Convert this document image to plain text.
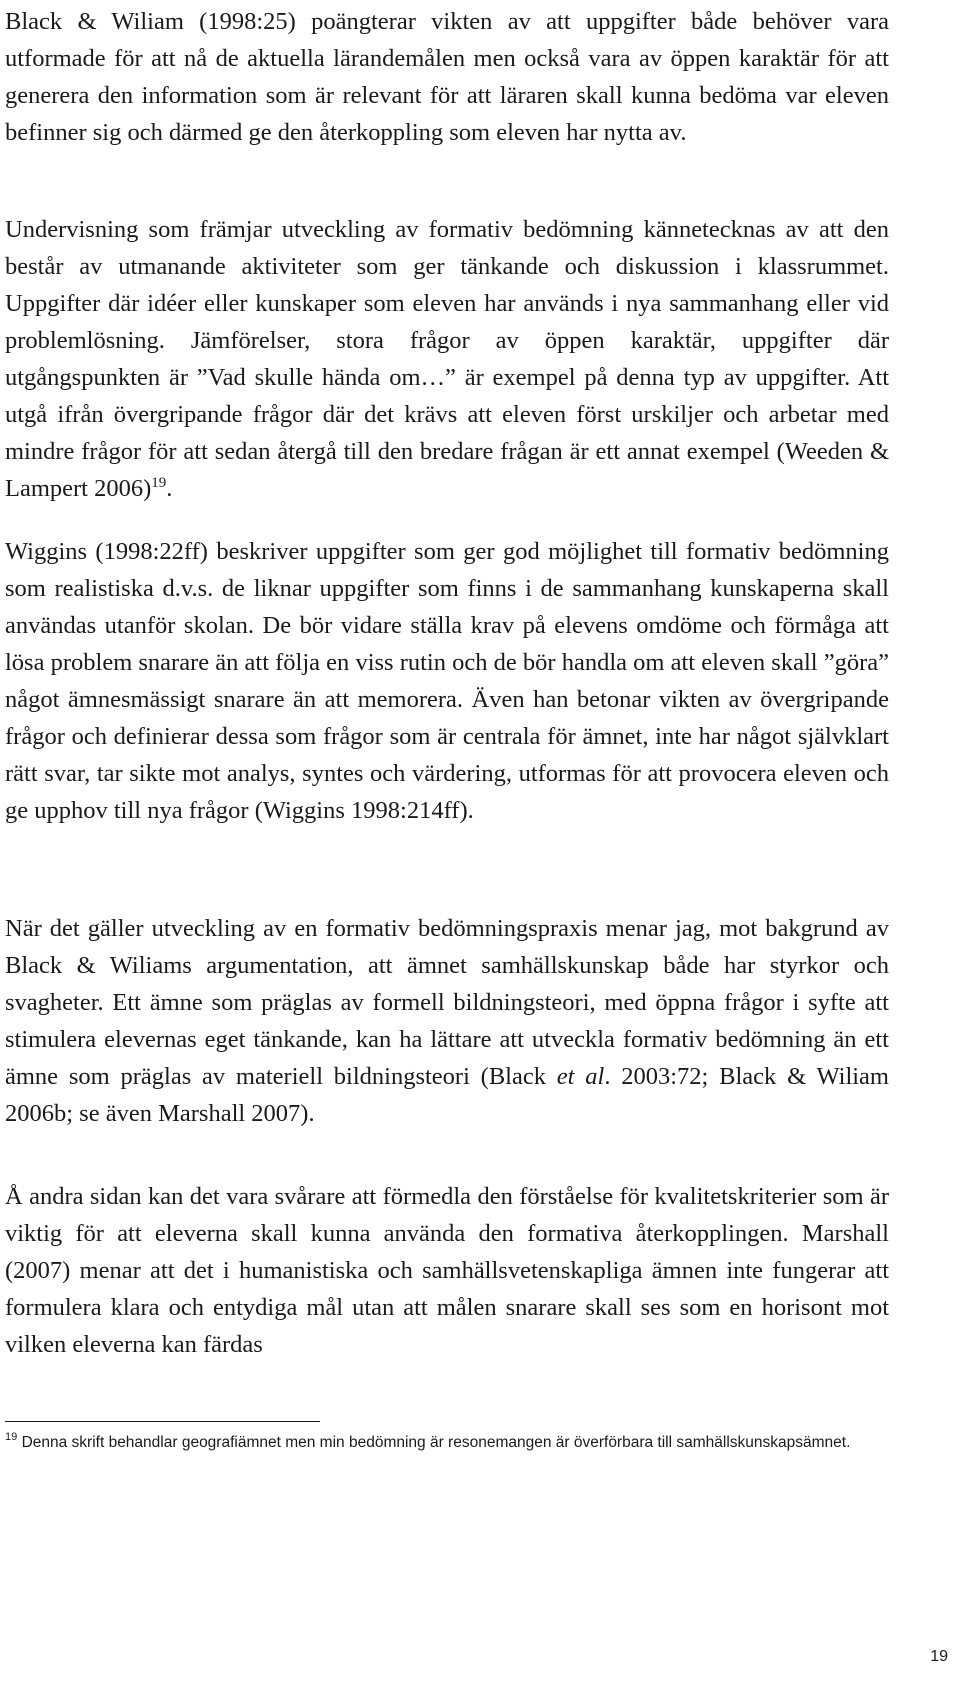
Black & Wiliam (1998:25) poängterar vikten av att uppgifter både behöver vara utformade för att nå de aktuella lärandemålen men också vara av öppen karaktär för att generera den information som är relevant för att läraren skall kunna bedöma var eleven befinner sig och därmed ge den återkoppling som eleven har nytta av.

Undervisning som främjar utveckling av formativ bedömning kännetecknas av att den består av utmanande aktiviteter som ger tänkande och diskussion i klassrummet. Uppgifter där idéer eller kunskaper som eleven har används i nya sammanhang eller vid problemlösning. Jämförelser, stora frågor av öppen karaktär, uppgifter där utgångspunkten är ”Vad skulle hända om…” är exempel på denna typ av uppgifter. Att utgå ifrån övergripande frågor där det krävs att eleven först urskiljer och arbetar med mindre frågor för att sedan återgå till den bredare frågan är ett annat exempel (Weeden & Lampert 2006)$^{19}$.

Wiggins (1998:22ff) beskriver uppgifter som ger god möjlighet till formativ bedömning som realistiska d.v.s. de liknar uppgifter som finns i de sammanhang kunskaperna skall användas utanför skolan. De bör vidare ställa krav på elevens omdöme och förmåga att lösa problem snarare än att följa en viss rutin och de bör handla om att eleven skall ”göra” något ämnesmässigt snarare än att memorera. Även han betonar vikten av övergripande frågor och definierar dessa som frågor som är centrala för ämnet, inte har något självklart rätt svar, tar sikte mot analys, syntes och värdering, utformas för att provocera eleven och ge upphov till nya frågor (Wiggins 1998:214ff).

När det gäller utveckling av en formativ bedömningspraxis menar jag, mot bakgrund av Black & Wiliams argumentation, att ämnet samhällskunskap både har styrkor och svagheter. Ett ämne som präglas av formell bildningsteori, med öppna frågor i syfte att stimulera elevernas eget tänkande, kan ha lättare att utveckla formativ bedömning än ett ämne som präglas av materiell bildningsteori (Black et al. 2003:72; Black & Wiliam 2006b; se även Marshall 2007).

Å andra sidan kan det vara svårare att förmedla den förståelse för kvalitetskriterier som är viktig för att eleverna skall kunna använda den formativa återkopplingen. Marshall (2007) menar att det i humanistiska och samhällsvetenskapliga ämnen inte fungerar att formulera klara och entydiga mål utan att målen snarare skall ses som en horisont mot vilken eleverna kan färdas

$^{19}$ Denna skrift behandlar geografiämnet men min bedömning är resonemangen är överförbara till samhällskunskapsämnet.

19
